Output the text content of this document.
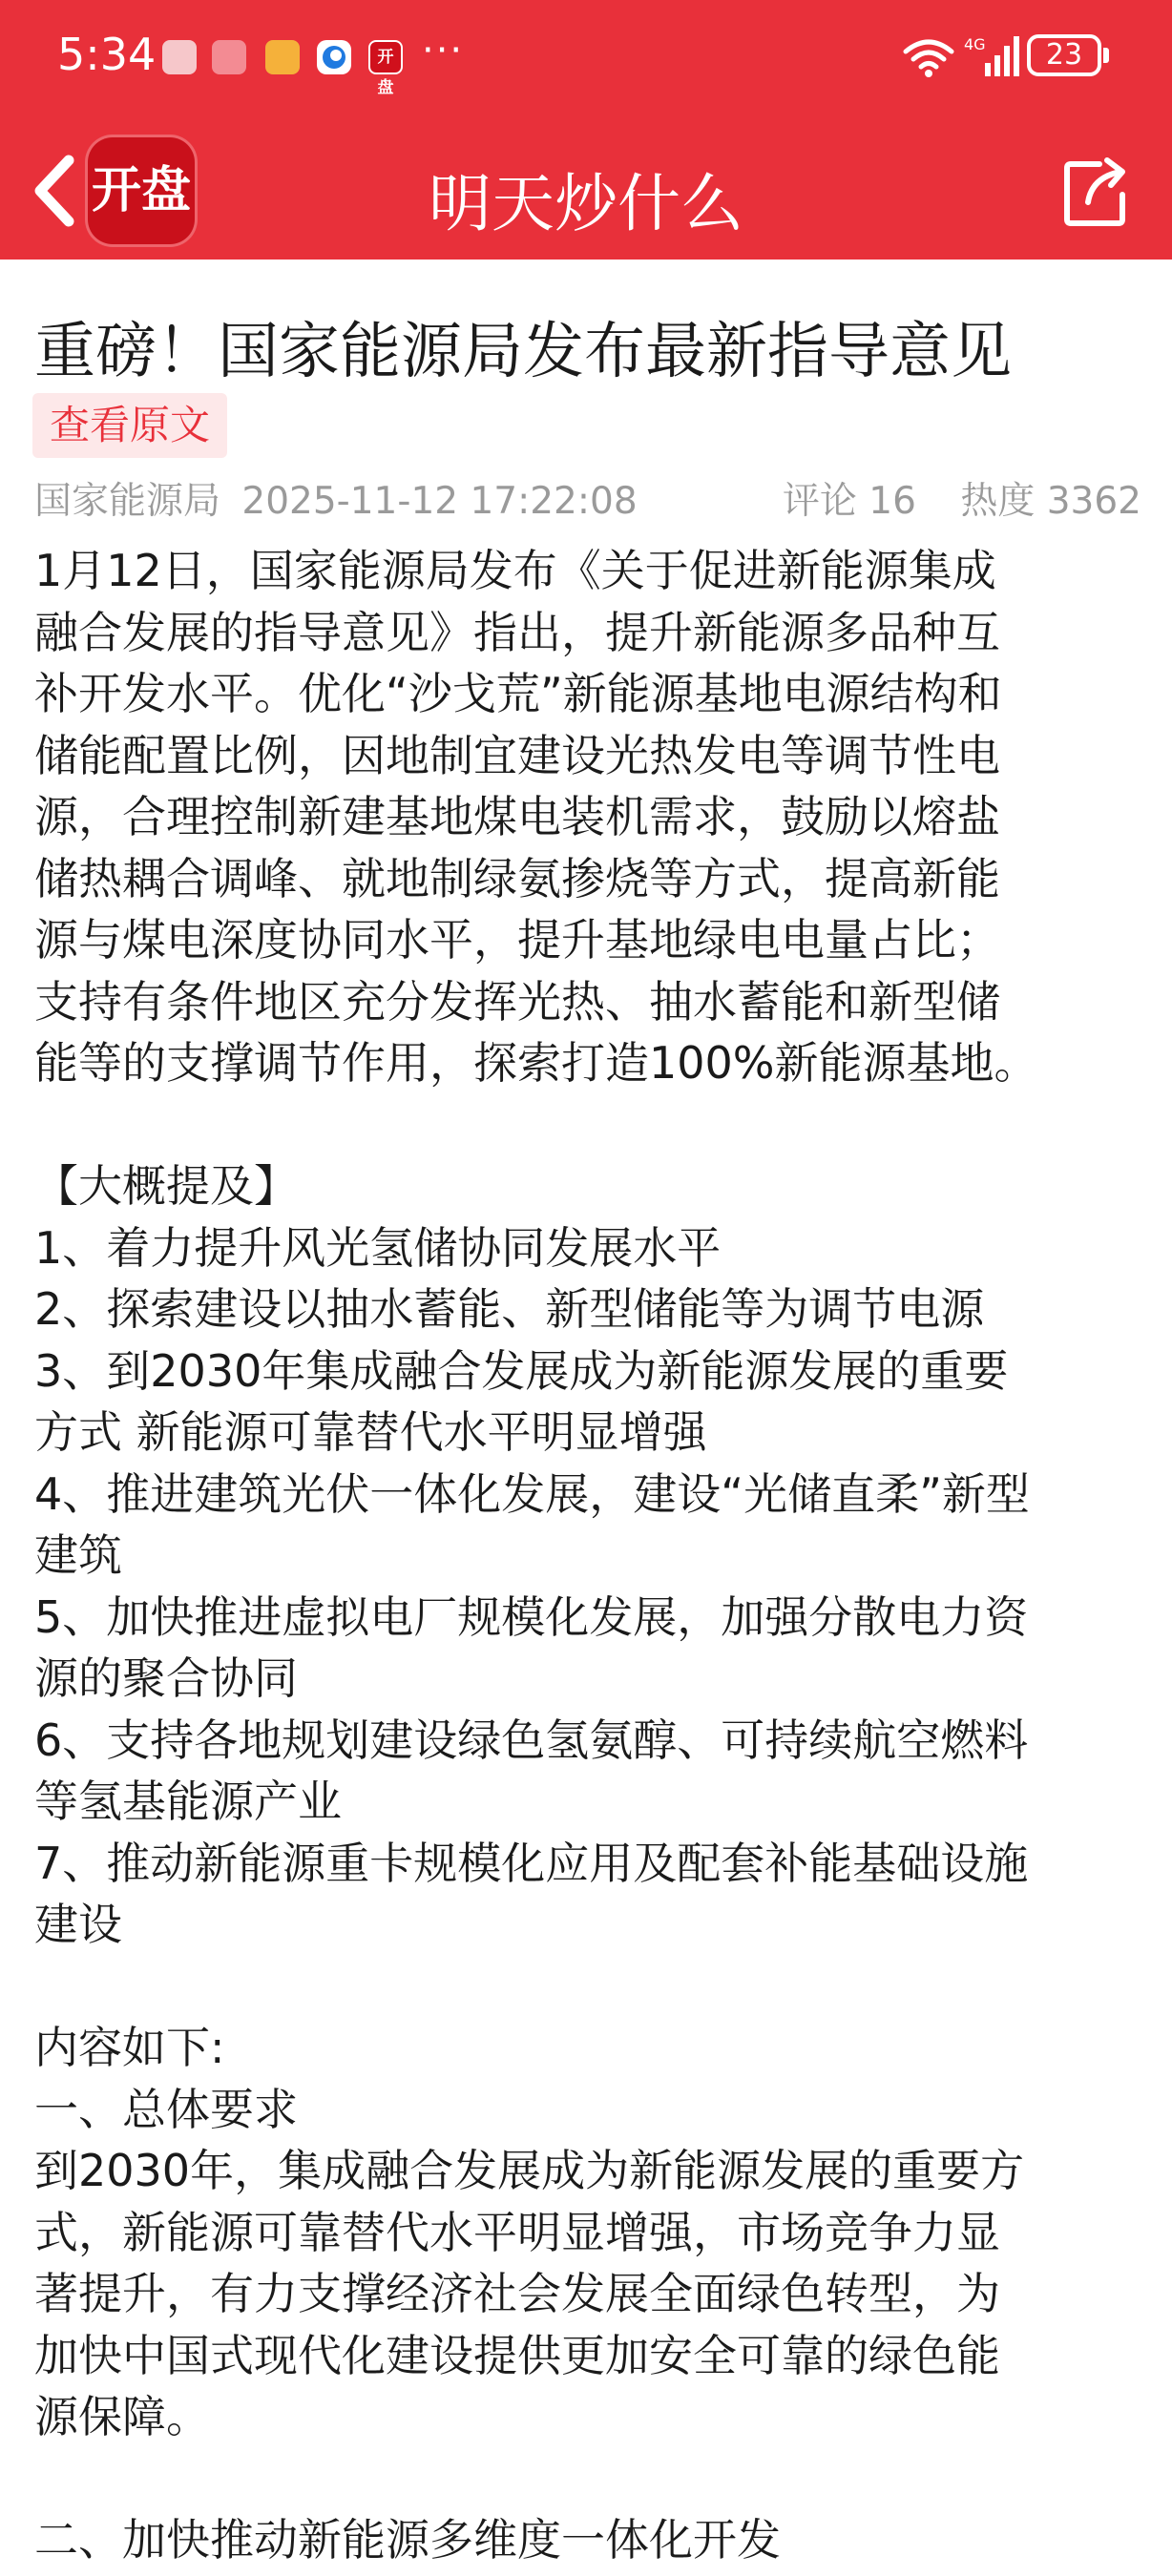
5:34	开盘
···	4G	23
开盘	明天炒什么
重磅！国家能源局发布最新指导意见
查看原文
国家能源局 2025-11-12 17:22:08	评论 16 热度 3362
1月12日，国家能源局发布《关于促进新能源集成
融合发展的指导意见》指出，提升新能源多品种互
补开发水平。优化“沙戈荒”新能源基地电源结构和
储能配置比例，因地制宜建设光热发电等调节性电
源，合理控制新建基地煤电装机需求，鼓励以熔盐
储热耦合调峰、就地制绿氨掺烧等方式，提高新能
源与煤电深度协同水平，提升基地绿电电量占比；
支持有条件地区充分发挥光热、抽水蓄能和新型储
能等的支撑调节作用，探索打造100%新能源基地。
【大概提及】
1、着力提升风光氢储协同发展水平
2、探索建设以抽水蓄能、新型储能等为调节电源
3、到2030年集成融合发展成为新能源发展的重要
方式 新能源可靠替代水平明显增强
4、推进建筑光伏一体化发展，建设“光储直柔”新型
建筑
5、加快推进虚拟电厂规模化发展，加强分散电力资
源的聚合协同
6、支持各地规划建设绿色氢氨醇、可持续航空燃料
等氢基能源产业
7、推动新能源重卡规模化应用及配套补能基础设施
建设
内容如下:
一、总体要求
到2030年，集成融合发展成为新能源发展的重要方
式，新能源可靠替代水平明显增强，市场竞争力显
著提升，有力支撑经济社会发展全面绿色转型，为
加快中国式现代化建设提供更加安全可靠的绿色能
源保障。
二、加快推动新能源多维度一体化开发
